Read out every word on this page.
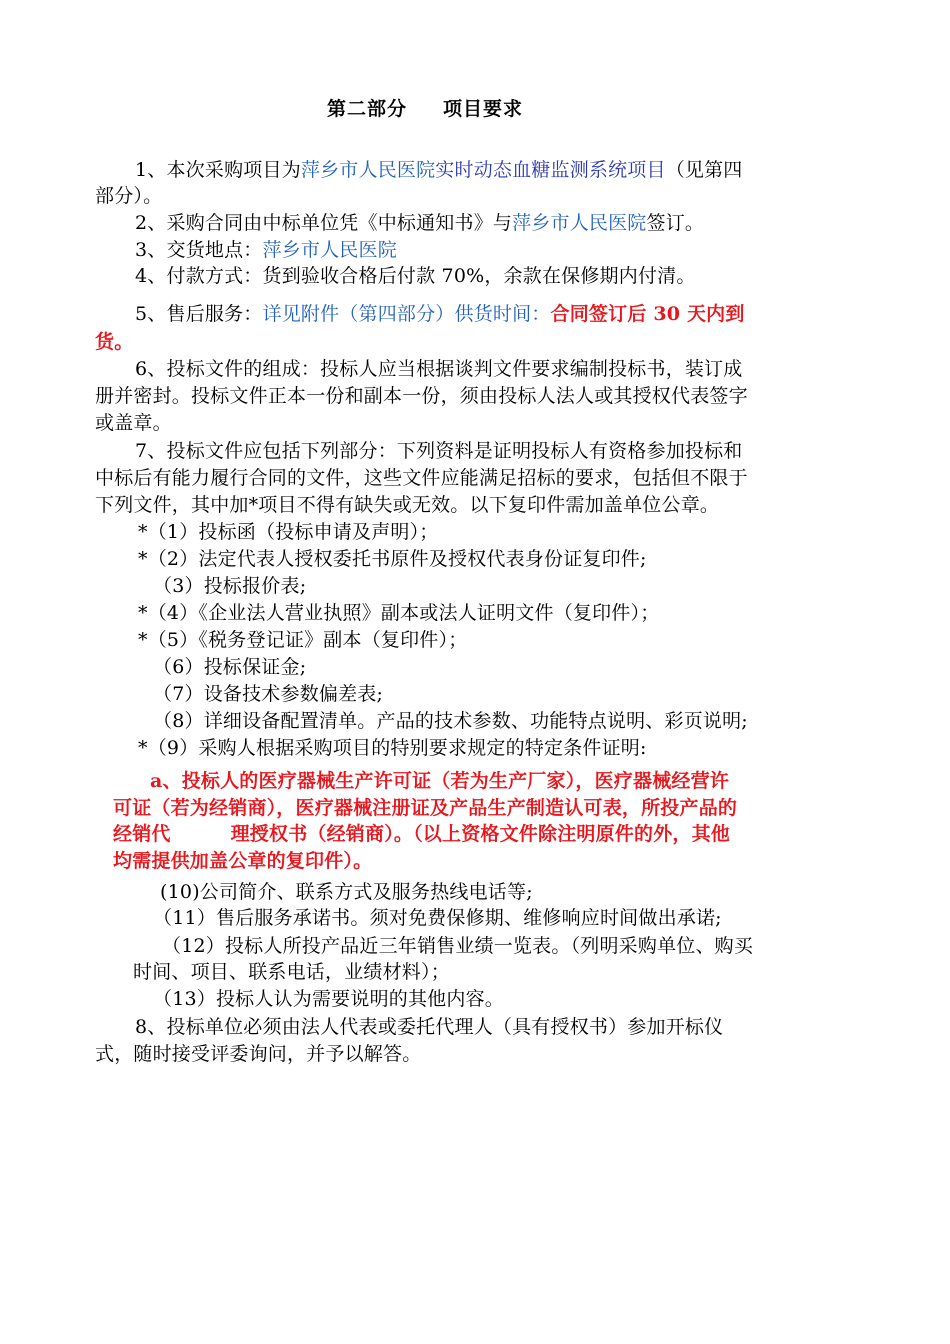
第二部分 项目要求
1、本次采购项目为萍乡市人民医院实时动态血糖监测系统项目（见第四
部分）。
2、采购合同由中标单位凭《中标通知书》与萍乡市人民医院签订。
3、交货地点：萍乡市人民医院
4、付款方式：货到验收合格后付款 70%，余款在保修期内付清。
5、售后服务：详见附件（第四部分）供货时间：合同签订后 30 天内到
货。
6、投标文件的组成：投标人应当根据谈判文件要求编制投标书，装订成
册并密封。投标文件正本一份和副本一份，须由投标人法人或其授权代表签字
或盖章。
7、投标文件应包括下列部分：下列资料是证明投标人有资格参加投标和
中标后有能力履行合同的文件，这些文件应能满足招标的要求，包括但不限于
下列文件，其中加*项目不得有缺失或无效。以下复印件需加盖单位公章。
*（1）投标函（投标申请及声明）；
*（2）法定代表人授权委托书原件及授权代表身份证复印件;
（3）投标报价表;
*（4）《企业法人营业执照》副本或法人证明文件（复印件）；
*（5）《税务登记证》副本（复印件）；
（6）投标保证金;
（7）设备技术参数偏差表;
（8）详细设备配置清单。产品的技术参数、功能特点说明、彩页说明;
*（9）采购人根据采购项目的特别要求规定的特定条件证明:
a、投标人的医疗器械生产许可证（若为生产厂家），医疗器械经营许
可证（若为经销商），医疗器械注册证及产品生产制造认可表，所投产品的
经销代	理授权书（经销商）。（以上资格文件除注明原件的外，其他
均需提供加盖公章的复印件）。
(10)公司简介、联系方式及服务热线电话等;
（11）售后服务承诺书。须对免费保修期、维修响应时间做出承诺;
（12）投标人所投产品近三年销售业绩一览表。（列明采购单位、购买
时间、项目、联系电话，业绩材料）；
（13）投标人认为需要说明的其他内容。
8、投标单位必须由法人代表或委托代理人（具有授权书）参加开标仪
式，随时接受评委询问，并予以解答。
